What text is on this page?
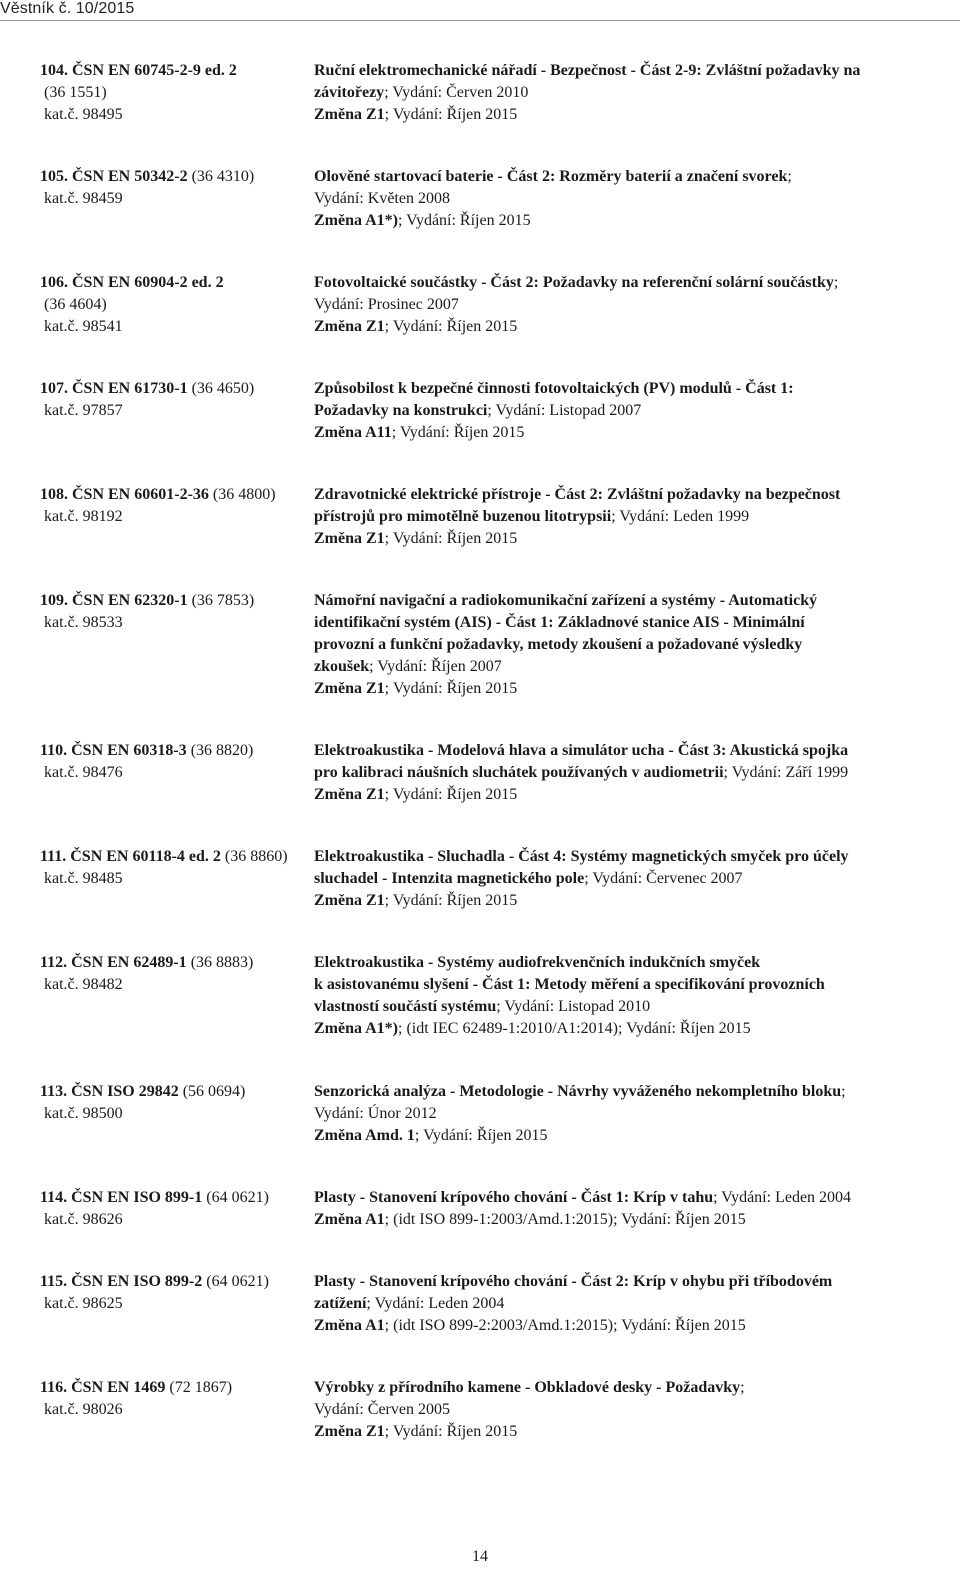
Věstník č. 10/2015
104. ČSN EN 60745-2-9 ed. 2
(36 1551)
kat.č. 98495
Ruční elektromechanické nářadí - Bezpečnost - Část 2-9: Zvláštní požadavky na
závitořezy; Vydání: Červen 2010
Změna Z1; Vydání: Říjen 2015
105. ČSN EN 50342-2 (36 4310)
kat.č. 98459
Olověné startovací baterie - Část 2: Rozměry baterií a značení svorek;
Vydání: Květen 2008
Změna A1*); Vydání: Říjen 2015
106. ČSN EN 60904-2 ed. 2
(36 4604)
kat.č. 98541
Fotovoltaické součástky - Část 2: Požadavky na referenční solární součástky;
Vydání: Prosinec 2007
Změna Z1; Vydání: Říjen 2015
107. ČSN EN 61730-1 (36 4650)
kat.č. 97857
Způsobilost k bezpečné činnosti fotovoltaických (PV) modulů - Část 1:
Požadavky na konstrukci; Vydání: Listopad 2007
Změna A11; Vydání: Říjen 2015
108. ČSN EN 60601-2-36 (36 4800)
kat.č. 98192
Zdravotnické elektrické přístroje - Část 2: Zvláštní požadavky na bezpečnost
přístrojů pro mimotělně buzenou litotrypsii; Vydání: Leden 1999
Změna Z1; Vydání: Říjen 2015
109. ČSN EN 62320-1 (36 7853)
kat.č. 98533
Námořní navigační a radiokomunikační zařízení a systémy - Automatický
identifikační systém (AIS) - Část 1: Základnové stanice AIS - Minimální
provozní a funkční požadavky, metody zkoušení a požadované výsledky
zkoušek; Vydání: Říjen 2007
Změna Z1; Vydání: Říjen 2015
110. ČSN EN 60318-3 (36 8820)
kat.č. 98476
Elektroakustika - Modelová hlava a simulátor ucha - Část 3: Akustická spojka
pro kalibraci náušních sluchátek používaných v audiometrii; Vydání: Září 1999
Změna Z1; Vydání: Říjen 2015
111. ČSN EN 60118-4 ed. 2 (36 8860)
kat.č. 98485
Elektroakustika - Sluchadla - Část 4: Systémy magnetických smyček pro účely
sluchadel - Intenzita magnetického pole; Vydání: Červenec 2007
Změna Z1; Vydání: Říjen 2015
112. ČSN EN 62489-1 (36 8883)
kat.č. 98482
Elektroakustika - Systémy audiofrekvenčních indukčních smyček
k asistovanému slyšení - Část 1: Metody měření a specifikování provozních
vlastností součástí systému; Vydání: Listopad 2010
Změna A1*); (idt IEC 62489-1:2010/A1:2014); Vydání: Říjen 2015
113. ČSN ISO 29842 (56 0694)
kat.č. 98500
Senzorická analýza - Metodologie - Návrhy vyváženého nekompletního bloku;
Vydání: Únor 2012
Změna Amd. 1; Vydání: Říjen 2015
114. ČSN EN ISO 899-1 (64 0621)
kat.č. 98626
Plasty - Stanovení krípového chování - Část 1: Kríp v tahu; Vydání: Leden 2004
Změna A1; (idt ISO 899-1:2003/Amd.1:2015); Vydání: Říjen 2015
115. ČSN EN ISO 899-2 (64 0621)
kat.č. 98625
Plasty - Stanovení krípového chování - Část 2: Kríp v ohybu při tříbodovém
zatížení; Vydání: Leden 2004
Změna A1; (idt ISO 899-2:2003/Amd.1:2015); Vydání: Říjen 2015
116. ČSN EN 1469 (72 1867)
kat.č. 98026
Výrobky z přírodního kamene - Obkladové desky - Požadavky;
Vydání: Červen 2005
Změna Z1; Vydání: Říjen 2015
14
